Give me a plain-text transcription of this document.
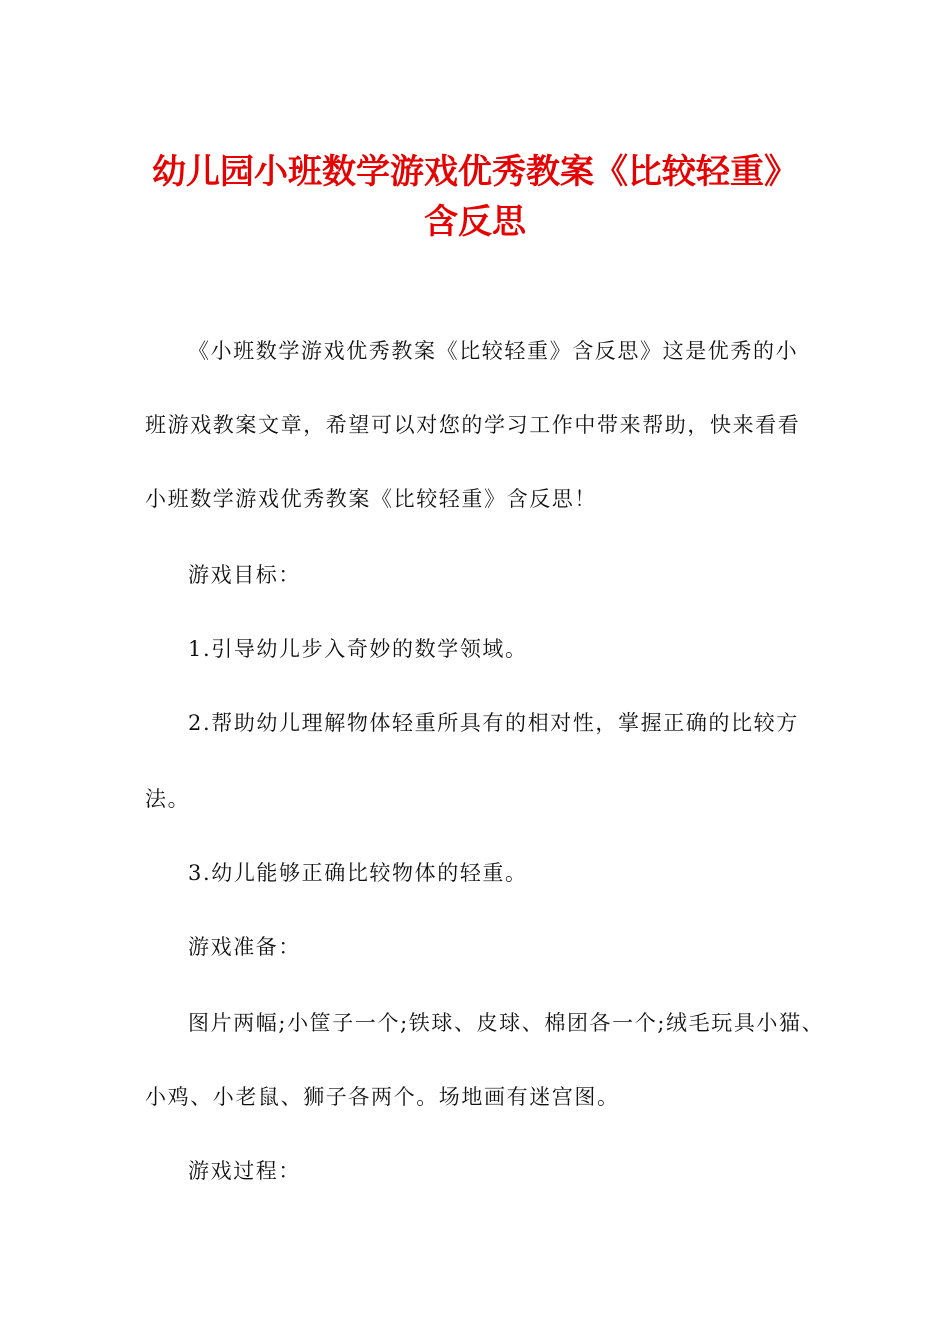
幼儿园小班数学游戏优秀教案《比较轻重》
含反思
《小班数学游戏优秀教案《比较轻重》含反思》这是优秀的小
班游戏教案文章，希望可以对您的学习工作中带来帮助，快来看看
小班数学游戏优秀教案《比较轻重》含反思！
游戏目标：
1.引导幼儿步入奇妙的数学领域。
2.帮助幼儿理解物体轻重所具有的相对性，掌握正确的比较方
法。
3.幼儿能够正确比较物体的轻重。
游戏准备：
图片两幅;小筐子一个;铁球、皮球、棉团各一个;绒毛玩具小猫、
小鸡、小老鼠、狮子各两个。场地画有迷宫图。
游戏过程：
